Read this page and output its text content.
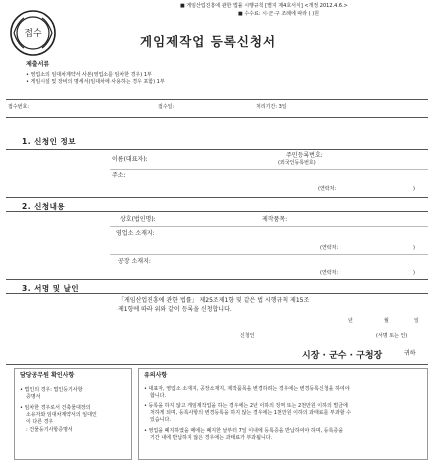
■ 게임산업진흥에 관한 법률 시행규칙 [별지 제4호서식] <개정 2012.4.6.>
■ 수수료: 시·군·구 조례에 따라 ( )원
접수	게임제작업 등록신청서
제출서류
• 영업소의 임대차계약서 사본(영업소를 임차한 경우) 1부
• 게임시설 및 장비의 명세서(임대차에 사용하는 경우 포함) 1부
접수번호:	접수일:	처리기간: 3일
1. 신청인 정보
이름(대표자):
주민등록번호:
(외국인등록번호)
주소:
(연락처:	)
2. 신청내용
상호(법인명):	제작품목:
영업소 소재지:
(연락처:	)
공장 소재지:
(연락처:	)
3. 서명 및 날인
「게임산업진흥에 관한 법률」 제25조제1항 및 같은 법 시행규칙 제15조
제1항에 따라 위와 같이 등록을 신청합니다.
년	월	일
신청인	(서명 또는 인)
시장 · 군수 · 구청장	귀하
담당공무원 확인사항
• 법인의 경우: 법인등기사항
증명서
• 임차한 경우로서 건축물대장의
소유자와 임대차계약서의 임대인
이 다른 경우
: 건물등기사항증명서
유의사항
• 대표자, 영업소 소재지, 공장소재지, 제작품목을 변경하려는 경우에는 변경등록신청을 하여야
합니다.
• 등록을 하지 않고 게임제작업을 하는 경우에는 2년 이하의 징역 또는 2천만원 이하의 벌금에
처하게 되며, 등록사항의 변경등록을 하지 않는 경우에는 1천만원 이하의 과태료를 부과할 수
있습니다.
• 영업을 폐지하였을 때에는 폐지한 날부터 7일 이내에 등록증을 반납하여야 하며, 등록증을
기간 내에 반납하지 않은 경우에는 과태료가 부과됩니다.
